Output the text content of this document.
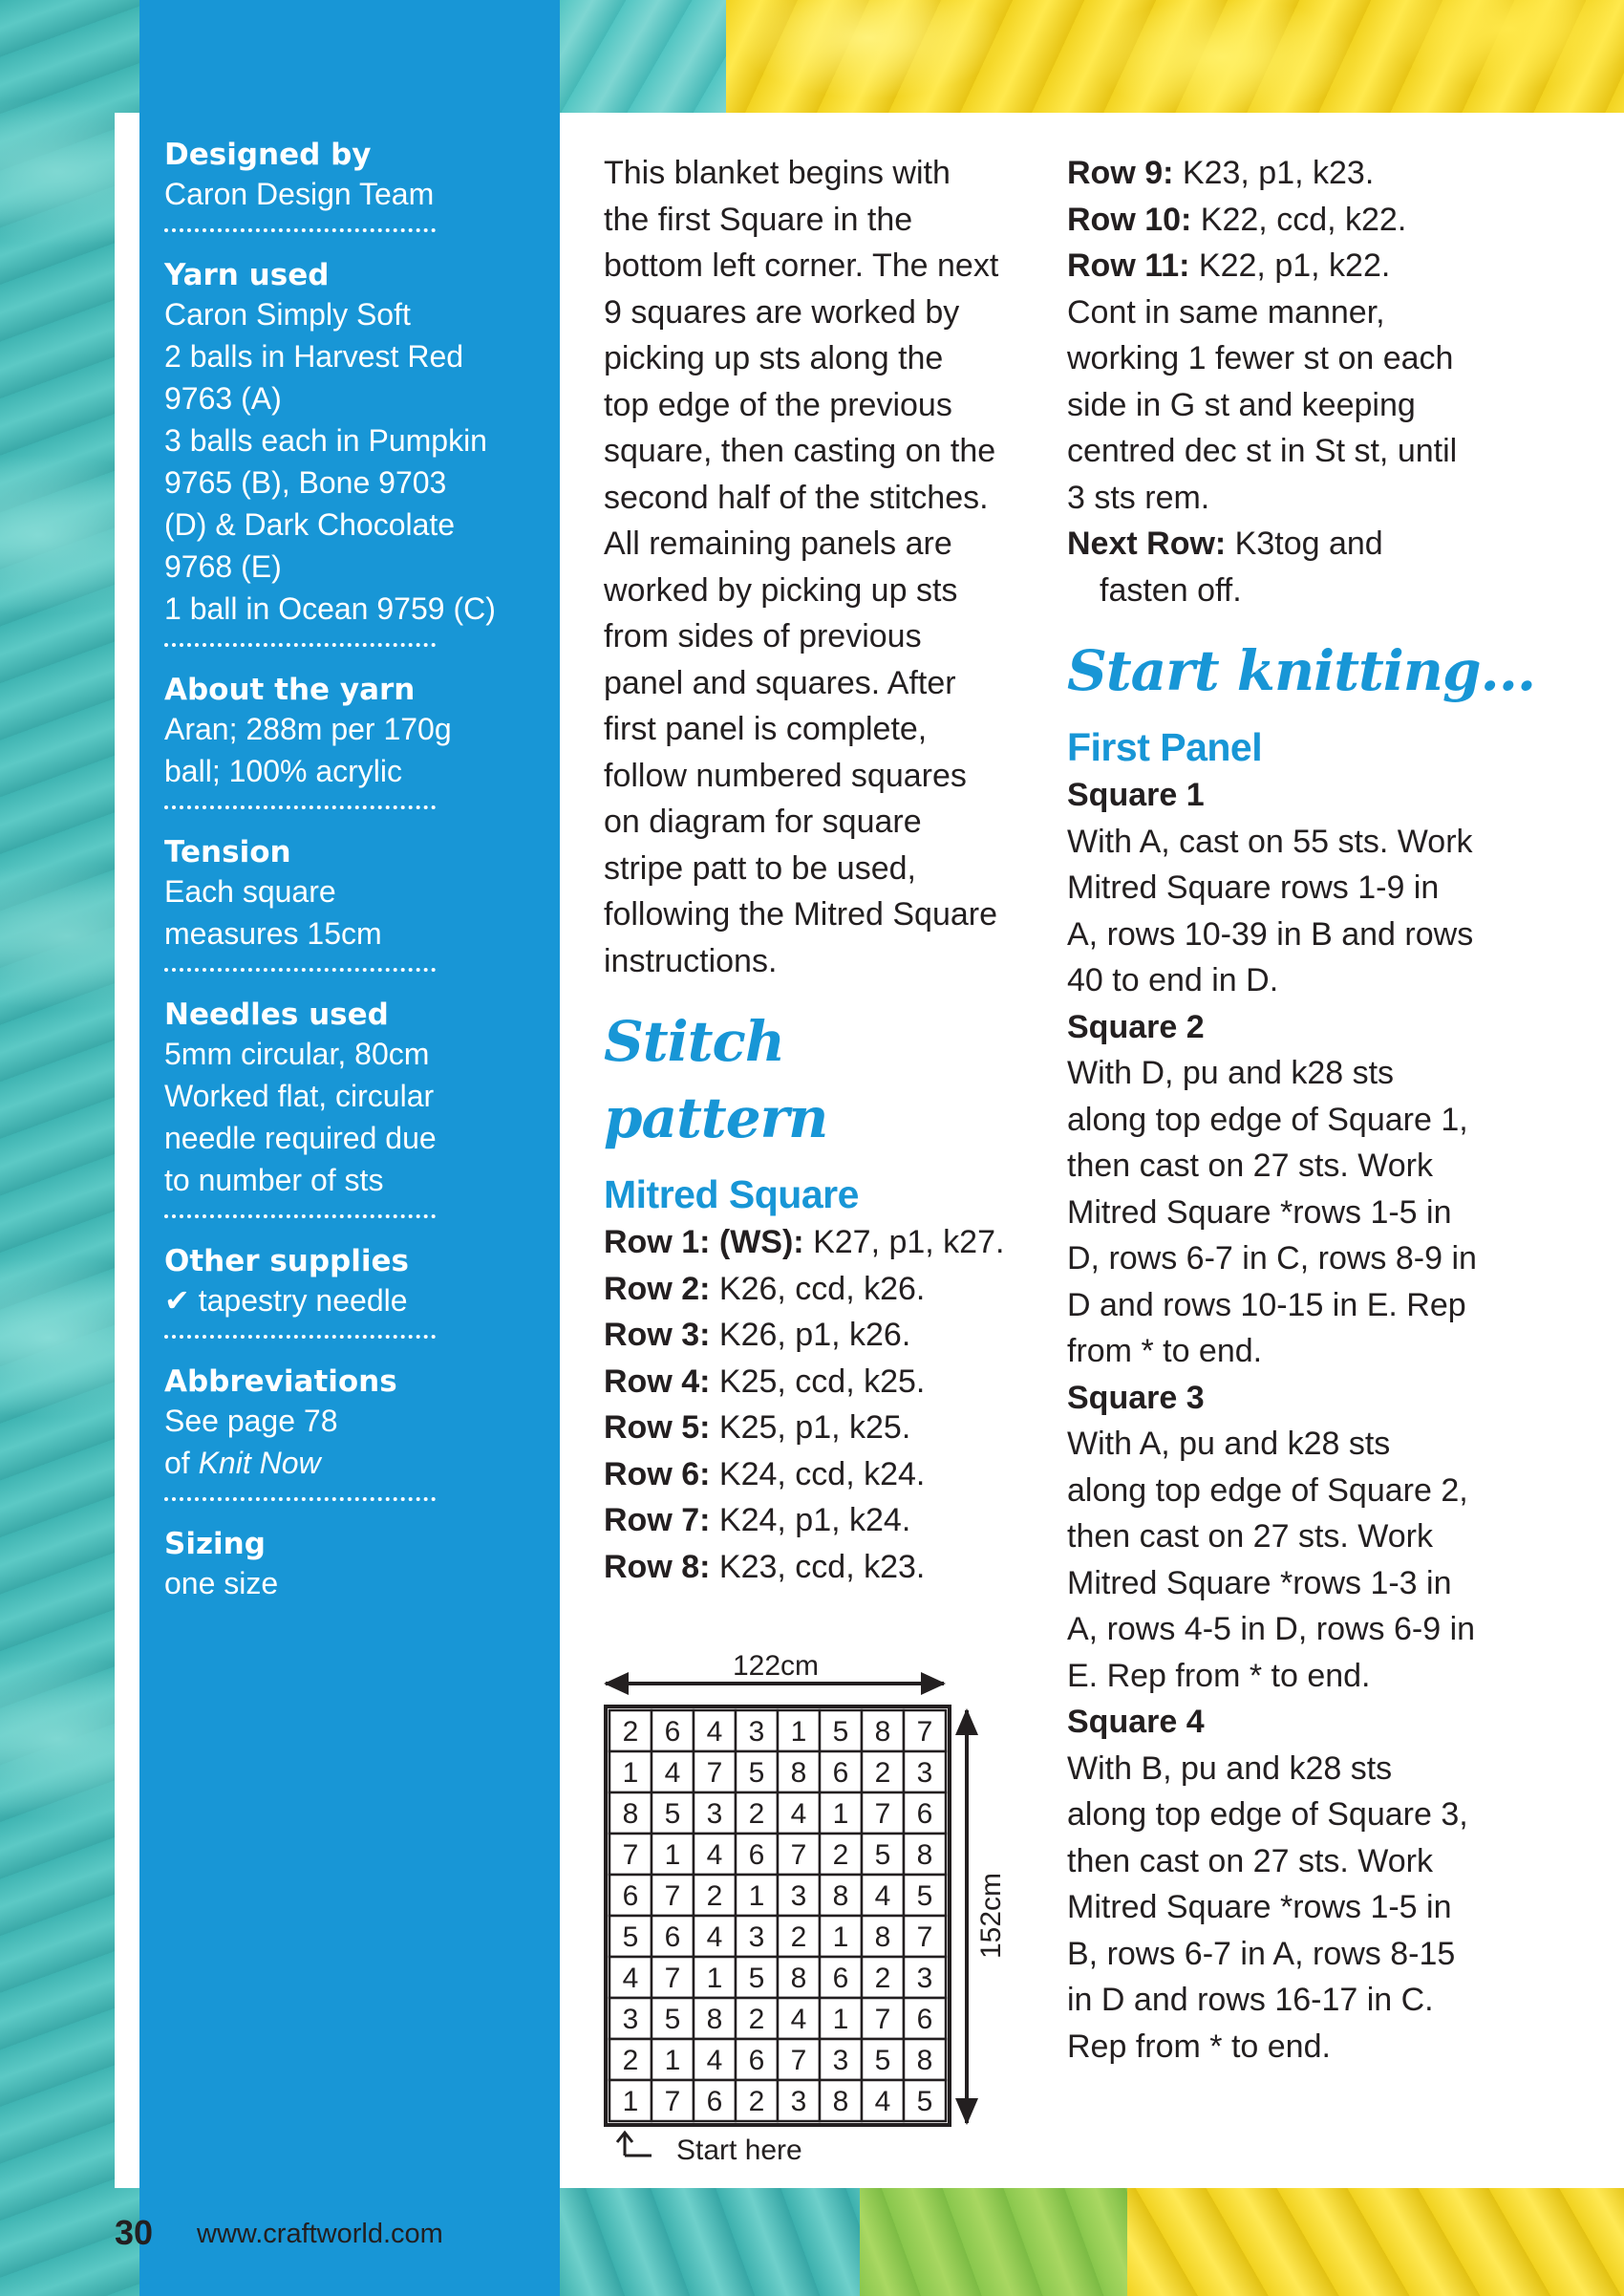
Designed by

Caron Design Team

Yarn used

Caron Simply Soft

2 balls in Harvest Red

9763 (A)

3 balls each in Pumpkin

9765 (B), Bone 9703

(D) & Dark Chocolate

9768 (E)

1 ball in Ocean 9759 (C)

About the yarn

Aran; 288m per 170g

ball; 100% acrylic

Tension

Each square

measures 15cm

Needles used

5mm circular, 80cm

Worked flat, circular

needle required due

to number of sts

Other supplies

✔ tapestry needle

Abbreviations

See page 78

of Knit Now

Sizing

one size

This blanket begins with

the first Square in the

bottom left corner. The next

9 squares are worked by

picking up sts along the

top edge of the previous

square, then casting on the

second half of the stitches.

All remaining panels are

worked by picking up sts

from sides of previous

panel and squares. After

first panel is complete,

follow numbered squares

on diagram for square

stripe patt to be used,

following the Mitred Square

instructions.

Stitch pattern

Mitred Square

Row 1: (WS): K27, p1, k27.

Row 2: K26, ccd, k26.

Row 3: K26, p1, k26.

Row 4: K25, ccd, k25.

Row 5: K25, p1, k25.

Row 6: K24, ccd, k24.

Row 7: K24, p1, k24.

Row 8: K23, ccd, k23.

Row 9: K23, p1, k23.

Row 10: K22, ccd, k22.

Row 11: K22, p1, k22.

Cont in same manner,

working 1 fewer st on each

side in G st and keeping

centred dec st in St st, until

3 sts rem.

Next Row: K3tog and

fasten off.

Start knitting...

First Panel

Square 1

With A, cast on 55 sts. Work

Mitred Square rows 1-9 in

A, rows 10-39 in B and rows

40 to end in D.

Square 2

With D, pu and k28 sts

along top edge of Square 1,

then cast on 27 sts. Work

Mitred Square *rows 1-5 in

D, rows 6-7 in C, rows 8-9 in

D and rows 10-15 in E. Rep

from * to end.

Square 3

With A, pu and k28 sts

along top edge of Square 2,

then cast on 27 sts. Work

Mitred Square *rows 1-3 in

A, rows 4-5 in D, rows 6-9 in

E. Rep from * to end.

Square 4

With B, pu and k28 sts

along top edge of Square 3,

then cast on 27 sts. Work

Mitred Square *rows 1-5 in

B, rows 6-7 in A, rows 8-15

in D and rows 16-17 in C.

Rep from * to end.

122cm
152cm
2 6 4 3 1 5 8 7
1 4 7 5 8 6 2 3
8 5 3 2 4 1 7 6
7 1 4 6 7 2 5 8
6 7 2 1 3 8 4 5
5 6 4 3 2 1 8 7
4 7 1 5 8 6 2 3
3 5 8 2 4 1 7 6
2 1 4 6 7 3 5 8
1 7 6 2 3 8 4 5
Start here
30 www.craftworld.com
